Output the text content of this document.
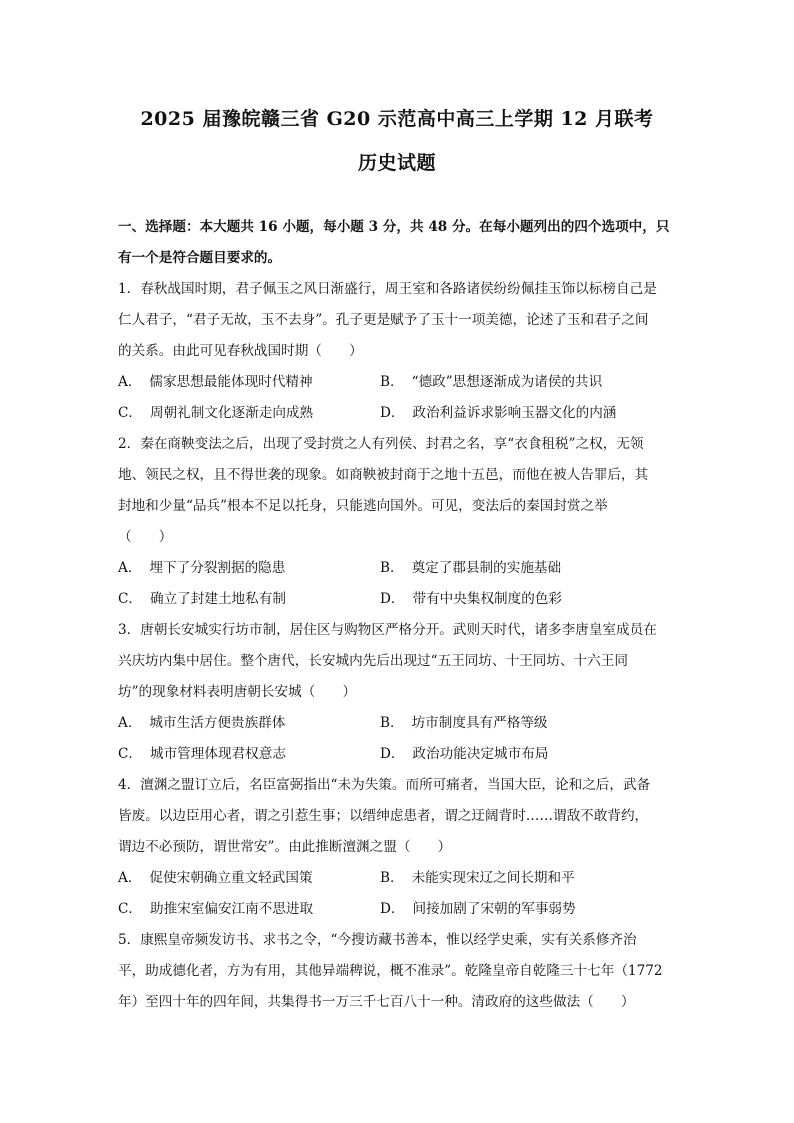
2025 届豫皖赣三省 G20 示范高中高三上学期 12 月联考
历史试题
一、选择题：本大题共 16 小题，每小题 3 分，共 48 分。在每小题列出的四个选项中，只
有一个是符合题目要求的。
1．春秋战国时期，君子佩玉之风日渐盛行，周王室和各路诸侯纷纷佩挂玉饰以标榜自己是
仁人君子，“君子无故，玉不去身”。孔子更是赋予了玉十一项美德，论述了玉和君子之间
的关系。由此可见春秋战国时期（　　）
A． 儒家思想最能体现时代精神	B． “德政”思想逐渐成为诸侯的共识
C． 周朝礼制文化逐渐走向成熟	D． 政治利益诉求影响玉器文化的内涵
2．秦在商鞅变法之后，出现了受封赏之人有列侯、封君之名，享“衣食租税”之权，无领
地、领民之权，且不得世袭的现象。如商鞅被封商于之地十五邑，而他在被人告罪后，其
封地和少量“品兵”根本不足以托身，只能逃向国外。可见，变法后的秦国封赏之举
（　　）
A． 埋下了分裂割据的隐患	B． 奠定了郡县制的实施基础
C． 确立了封建土地私有制	D． 带有中央集权制度的色彩
3．唐朝长安城实行坊市制，居住区与购物区严格分开。武则天时代，诸多李唐皇室成员在
兴庆坊内集中居住。整个唐代，长安城内先后出现过“五王同坊、十王同坊、十六王同
坊”的现象材料表明唐朝长安城（　　）
A． 城市生活方便贵族群体	B． 坊市制度具有严格等级
C． 城市管理体现君权意志	D． 政治功能决定城市布局
4．澶渊之盟订立后，名臣富弼指出“未为失策。而所可痛者，当国大臣，论和之后，武备
皆废。以边臣用心者，谓之引惹生事；以缙绅虑患者，谓之迂阔背时……谓敌不敢背约，
谓边不必预防，谓世常安”。由此推断澶渊之盟（　　）
A． 促使宋朝确立重文轻武国策	B． 未能实现宋辽之间长期和平
C． 助推宋室偏安江南不思进取	D． 间接加剧了宋朝的军事弱势
5．康熙皇帝频发访书、求书之令，“今搜访藏书善本，惟以经学史乘，实有关系修齐治
平，助成德化者，方为有用，其他异端稗说，概不准录”。乾隆皇帝自乾隆三十七年（1772
年）至四十年的四年间，共集得书一万三千七百八十一种。清政府的这些做法（　　）
